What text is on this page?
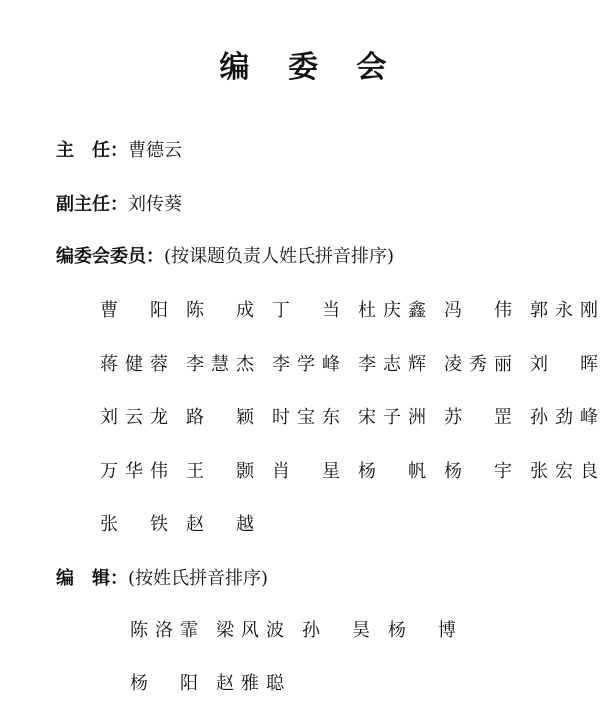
编 委 会
主　任：曹德云
副主任：刘传葵
编委会委员：(按课题负责人姓氏拼音排序)
曹
阳 陈
成 丁
当 杜 庆 鑫 冯
伟 郭 永 刚
蒋 健 蓉 李 慧 杰 李 学 峰 李 志 辉 凌 秀 丽 刘
晖
刘 云 龙 路
颖 时 宝 东 宋 子 洲 苏
罡 孙 劲 峰
万 华 伟 王
颢 肖
星 杨
帆 杨
宇 张 宏 良
张
铁 赵
越
编　辑：(按姓氏拼音排序)
陈 洛 霏 梁 风 波 孙
昊 杨
博
杨
阳 赵 雅 聪
